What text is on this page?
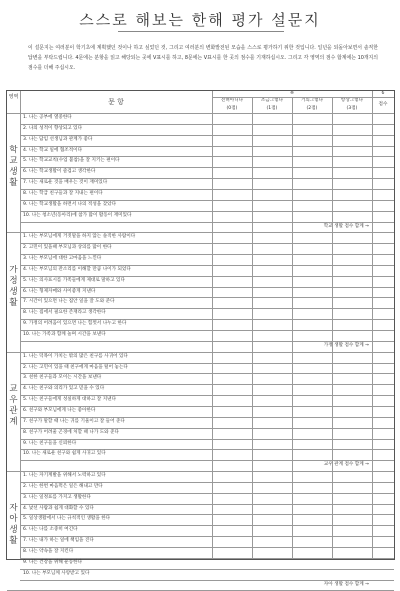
스스로 해보는 한해 평가 설문지
이 설문지는 여러분이 학기초에 계획했던 것이나 하고 싶었던 것, 그리고 여러분의 변화발전된 모습을 스스로 평가하기 위한 것입니다. 일년을 되돌아보면서 솔직한 답변을 부탁드립니다. 4문에는 분항을 읽고 해당되는 곳에 V표시를 하고, 8문에는 V표시를 한 곳의 점수를 기재하십시오. 그리고 각 영역의 점수 합계에는 10개지의 점수를 더해 주십시오.
영역
문 항
※	6
점수
전혀아니다
(0점)
조금그렇다
(1점)
거의그렇다
(2점)
항상그렇다
(3점)
1. 나는 공부에 열중한다
2. 나의 성적이 향상되고 있다
3. 나는 담임 선생님과 관계가 좋다
4. 나는 학교 일에 협조적이다
5. 나는 학교교칙(수업 불참)을 잘 지키는 편이다
6. 나는 학교생활이 즐겁고 생각한다
7. 나는 새로운 것을 배우는 것이 재미있다
8. 나는 학급 친구들과 잘 지내는 편이다
9. 나는 학교생활을 하면서 나의 적성을 찾았다
10. 나는 청소년(동아리)에 참가 많이 활동이 재미있다
학교생활
학교 생활 점수 합계 →
1. 나는 부모님에게 거짓말을 하지 않는 솔직한 사람이다
2. 고민이 있을때 부모님과 상의를 많이 한다
3. 나는 부모님에 대한 고마움을 느낀다
4. 나는 부모님의 잔소리를 이해할 만큼 나이가 되었다
5. 나는 의사표시를 가족들에게 제대로 말하고 있다
6. 나는 형제자매와 사이좋게 지낸다
7. 시간이 있으면 나는 집안 일을 잘 도와 준다
8. 나는 집에서 필요한 존재라고 생각한다
9. 가정의 어려움이 있으면 나는 힘껏서 나누고 한다
10. 나는 가족과 함께 놀며 시간을 보낸다
가정생활
가정 생활 점수 합계 →
1. 나는 덕목이 가치는 밖의 많은 친구를 사귀어 있다
2. 나는 고민이 있을 때 친구에게 마음을 털어 놓는다
3. 친한 친구들과 모이는 시간을 보낸다
4. 나는 친구와 의리가 있고 믿을 수 있다
5. 나는 친구들에게 성실하게 대하고 잘 지낸다
6. 친구와 부모님에게 나는 좋아한다
7. 친구가 말할 때 나는 귀를 기울이고 잘 들어 준다
8. 친구가 어려울 곤경에 처할 때 나가 도와 준다
9. 나는 친구들을 신뢰한다
10. 나는 새로운 친구와 쉽게 사귀고 있다
교우관계
교우 관계 점수 합계 →
1. 나는 자기계발을 위해서 노력하고 있다
2. 나는 한번 마음먹은 일은 해내고 만다
3. 나는 일정표를 가지고 생활한다
4. 낯선 사람과 쉽게 대화할 수 있다
5. 일상생활에서 나는 규칙적인 생활을 한다
6. 나는 나를 소중히 여긴다
7. 나는 내가 하는 일에 책임을 진다
8. 나는 약속을 잘 지킨다
9. 나는 건강을 위해 운동한다
10. 나는 부모님께 사랑받고 있다
자아생활
자아 생활 점수 합계 →
